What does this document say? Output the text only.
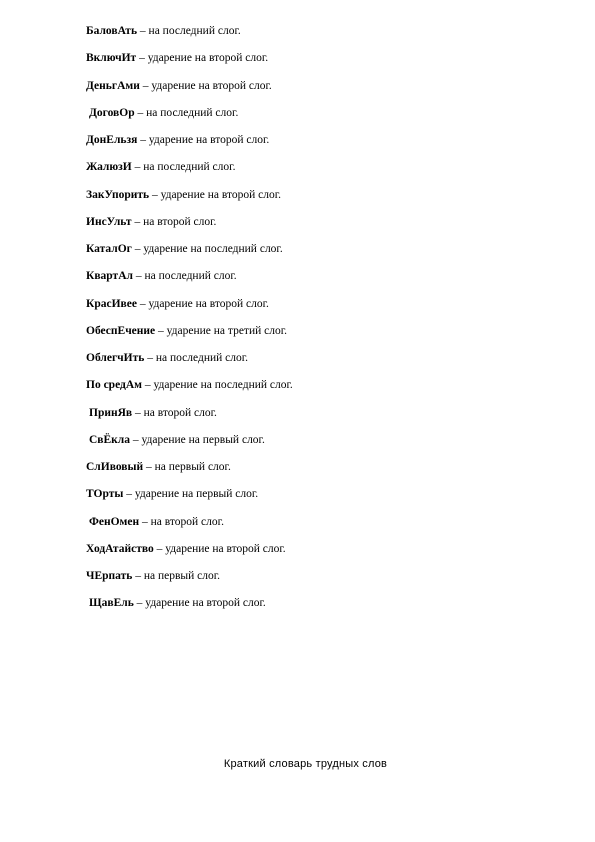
БаловАть – на последний слог.
ВключИт – ударение на второй слог.
ДеньгАми – ударение на второй слог.
ДоговОр – на последний слог.
ДонЕльзя – ударение на второй слог.
ЖалюзИ – на последний слог.
ЗакУпорить – ударение на второй слог.
ИнсУльт – на второй слог.
КаталОг – ударение на последний слог.
КвартАл – на последний слог.
КрасИвее – ударение на второй слог.
ОбеспЕчение – ударение на третий слог.
ОблегчИть – на последний слог.
По средАм – ударение на последний слог.
ПринЯв – на второй слог.
СвЁкла – ударение на первый слог.
СлИвовый – на первый слог.
ТОрты – ударение на первый слог.
ФенОмен – на второй слог.
ХодАтайство – ударение на второй слог.
ЧЕрпать – на первый слог.
ЩавЕль – ударение на второй слог.
Краткий словарь трудных слов
